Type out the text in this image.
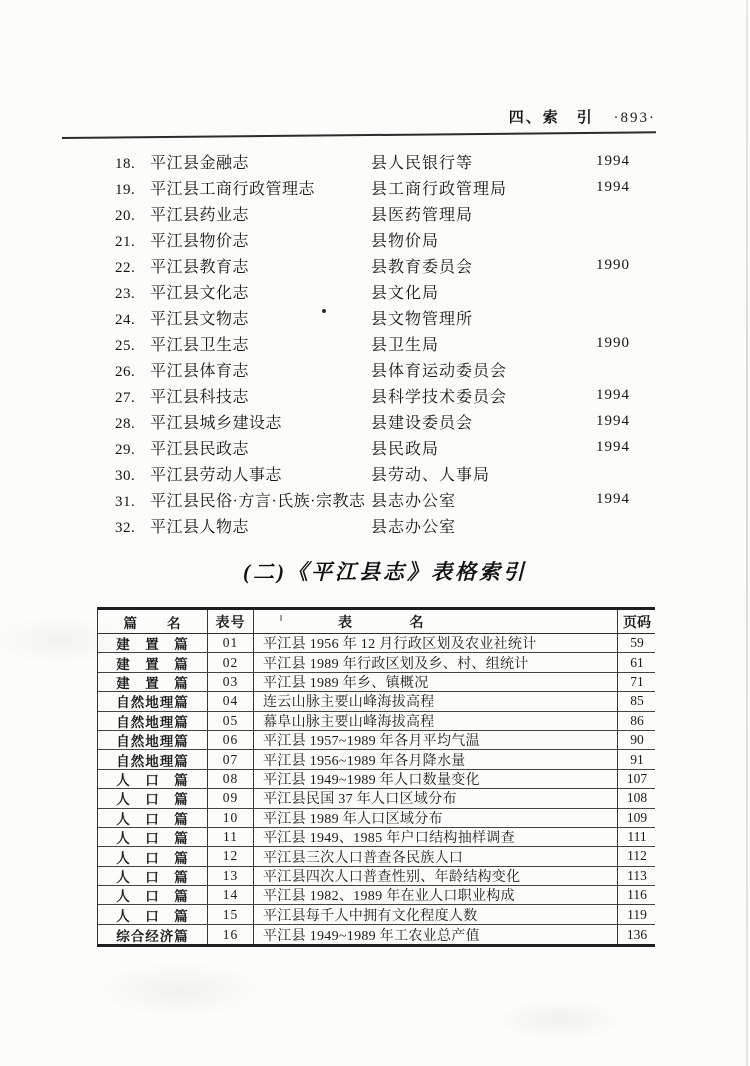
四、索　引 ·893·
18. 平江县金融志	县人民银行等	1994
19. 平江县工商行政管理志	县工商行政管理局	1994
20. 平江县药业志	县医药管理局
21. 平江县物价志	县物价局
22. 平江县教育志	县教育委员会	1990
23. 平江县文化志	县文化局
24. 平江县文物志	县文物管理所
25. 平江县卫生志	县卫生局	1990
26. 平江县体育志	县体育运动委员会
27. 平江县科技志	县科学技术委员会	1994
28. 平江县城乡建设志	县建设委员会	1994
29. 平江县民政志	县民政局	1994
30. 平江县劳动人事志	县劳动、人事局
31. 平江县民俗·方言·氏族·宗教志 县志办公室	1994
32. 平江县人物志	县志办公室
(二)《平江县志》表格索引
篇　　名	表号	表　　　　名	页码
建　置　篇	01	平江县 1956 年 12 月行政区划及农业社统计	59
建　置　篇	02	平江县 1989 年行政区划及乡、村、组统计	61
建　置　篇	03	平江县 1989 年乡、镇概况	71
自然地理篇	04	连云山脉主要山峰海拔高程	85
自然地理篇	05	幕阜山脉主要山峰海拔高程	86
自然地理篇	06	平江县 1957~1989 年各月平均气温	90
自然地理篇	07	平江县 1956~1989 年各月降水量	91
人　口　篇	08	平江县 1949~1989 年人口数量变化	107
人　口　篇	09	平江县民国 37 年人口区域分布	108
人　口　篇	10	平江县 1989 年人口区域分布	109
人　口　篇	11	平江县 1949、1985 年户口结构抽样调查	111
人　口　篇	12	平江县三次人口普查各民族人口	112
人　口　篇	13	平江县四次人口普查性别、年龄结构变化	113
人　口　篇	14	平江县 1982、1989 年在业人口职业构成	116
人　口　篇	15	平江县每千人中拥有文化程度人数	119
综合经济篇	16	平江县 1949~1989 年工农业总产值	136
